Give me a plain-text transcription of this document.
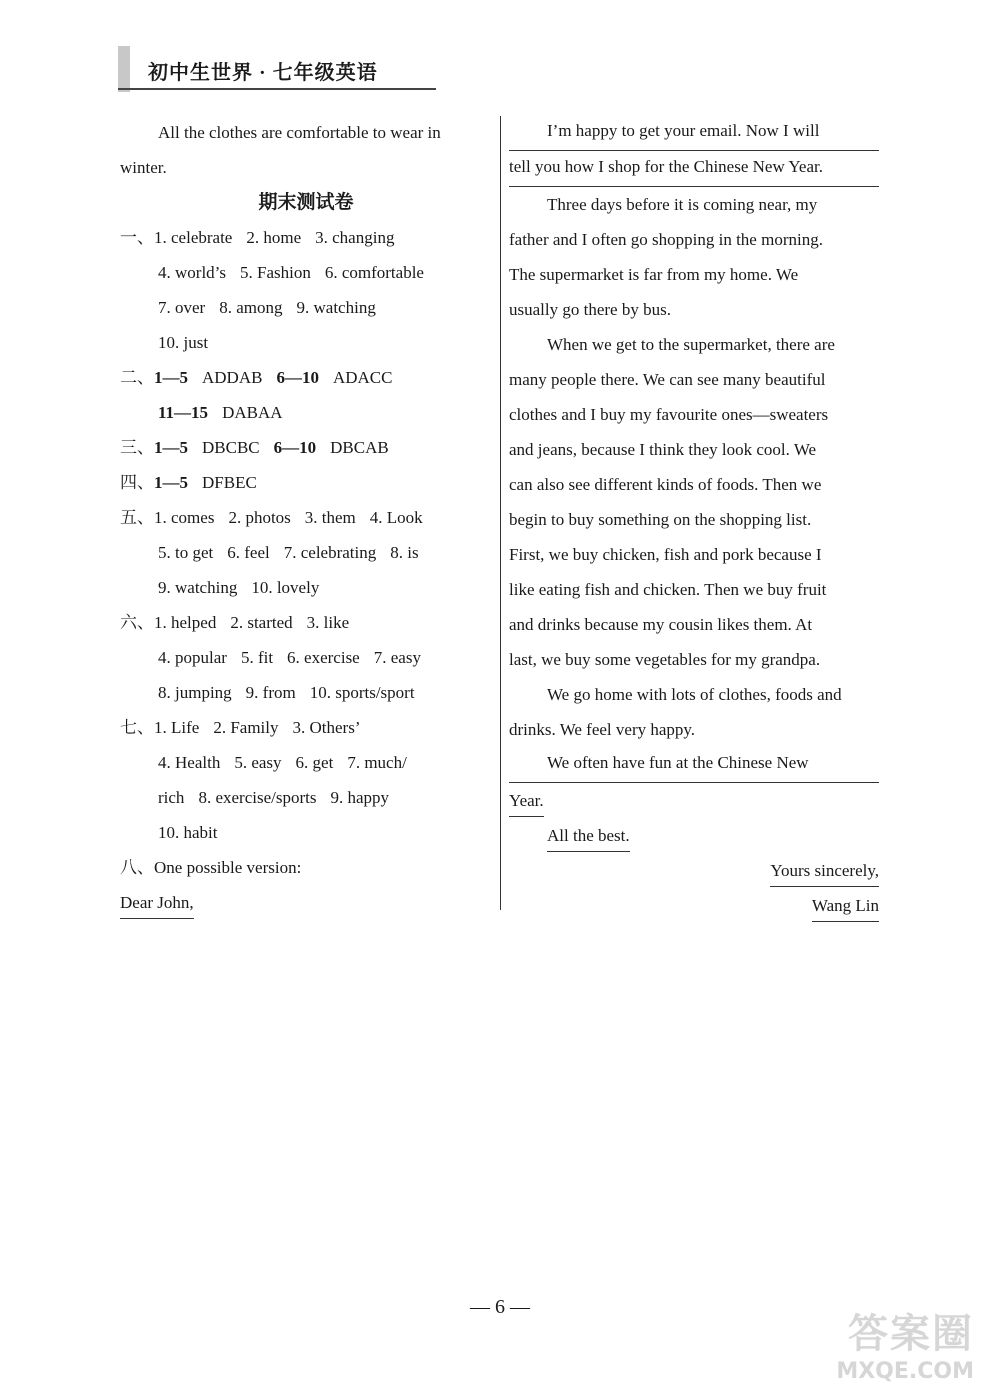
初中生世界 · 七年级英语
All the clothes are comfortable to wear in
winter.
期末测试卷
一、1. celebrate 2. home 3. changing
4. world’s 5. Fashion 6. comfortable
7. over 8. among 9. watching
10. just
二、1—5 ADDAB 6—10 ADACC
11—15 DABAA
三、1—5 DBCBC 6—10 DBCAB
四、1—5 DFBEC
五、1. comes 2. photos 3. them 4. Look
5. to get 6. feel 7. celebrating 8. is
9. watching 10. lovely
六、1. helped 2. started 3. like
4. popular 5. fit 6. exercise 7. easy
8. jumping 9. from 10. sports/sport
七、1. Life 2. Family 3. Others’
4. Health 5. easy 6. get 7. much/
rich 8. exercise/sports 9. happy
10. habit
八、One possible version:
Dear John,
I’m happy to get your email. Now I will
tell you how I shop for the Chinese New Year.
Three days before it is coming near, my
father and I often go shopping in the morning.
The supermarket is far from my home. We
usually go there by bus.
When we get to the supermarket, there are
many people there. We can see many beautiful
clothes and I buy my favourite ones—sweaters
and jeans, because I think they look cool. We
can also see different kinds of foods. Then we
begin to buy something on the shopping list.
First, we buy chicken, fish and pork because I
like eating fish and chicken. Then we buy fruit
and drinks because my cousin likes them. At
last, we buy some vegetables for my grandpa.
We go home with lots of clothes, foods and
drinks. We feel very happy.
We often have fun at the Chinese New
Year.
All the best.
Yours sincerely,
Wang Lin
— 6 —
答案圈
MXQE.COM
